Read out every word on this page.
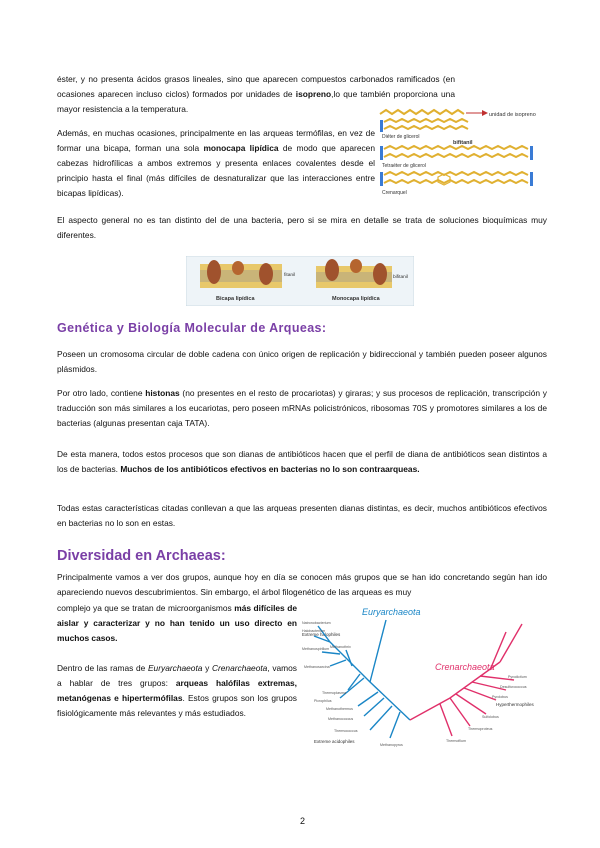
éster, y no presenta ácidos grasos lineales, sino que aparecen compuestos carbonados ramificados (en ocasiones aparecen incluso ciclos) formados por unidades de isopreno,lo que también proporciona una mayor resistencia a la temperatura.

Además, en muchas ocasiones, principalmente en las arqueas termófilas, en vez de formar una bicapa, forman una sola monocapa lipídica de modo que aparecen cabezas hidrofílicas a ambos extremos y presenta enlaces covalentes desde el principio hasta el final (más difíciles de desnaturalizar que las interacciones entre bicapas lipídicas).

unidad de isopreno
Diéter de glicerol
bifitanil
Tetraéter de glicerol
Crenarquel

El aspecto general no es tan distinto del de una bacteria, pero si se mira en detalle se trata de soluciones bioquímicas muy diferentes.

fitanil
Bicapa lipídica
bifitanil
Monocapa lipídica
Genética y Biología Molecular de Arqueas:

Poseen un cromosoma circular de doble cadena con único origen de replicación y bidireccional y también pueden poseer algunos plásmidos.

Por otro lado, contiene histonas (no presentes en el resto de procariotas) y giraras; y sus procesos de replicación, transcripción y traducción son más similares a los eucariotas, pero poseen mRNAs policistrónicos, ribosomas 70S y promotores similares a los de bacterias (algunas presentan caja TATA).

De esta manera, todos estos procesos que son dianas de antibióticos hacen que el perfil de diana de antibióticos sean distintos a los de bacterias. Muchos de los antibióticos efectivos en bacterias no lo son contraarqueas.

Todas estas características citadas conllevan a que las arqueas presenten dianas distintas, es decir, muchos antibióticos efectivos en bacterias no lo son en estas.

Diversidad en Archaeas:

Principalmente vamos a ver dos grupos, aunque hoy en día se conocen más grupos que se han ido concretando según han ido apareciendo nuevos descubrimientos. Sin embargo, el árbol filogenético de las arqueas es muy

complejo ya que se tratan de microorganismos más difíciles de aislar y caracterizar y no han tenido un uso directo en muchos casos.

Dentro de las ramas de Euryarchaeota y Crenarchaeota, vamos a hablar de tres grupos: arqueas halófilas extremas, metanógenas e hipertermófilas. Estos grupos son los grupos fisiológicamente más relevantes y más estudiados.

Euryarchaeota
Crenarchaeota
Extreme halophiles
Extreme acidophiles
Hyperthermophiles
Natronobacterium
Halobacterium
Methanospirillum
Methanosarcina
Methanothrix
Thermoplasma
Picrophilus
Methanothermus
Methanococcus
Thermococcus
Methanopyrus
Pyrodictium
Desulfurococcus
Pyrolobus
Sulfolobus
Thermoproteus
Thermofilum
2
